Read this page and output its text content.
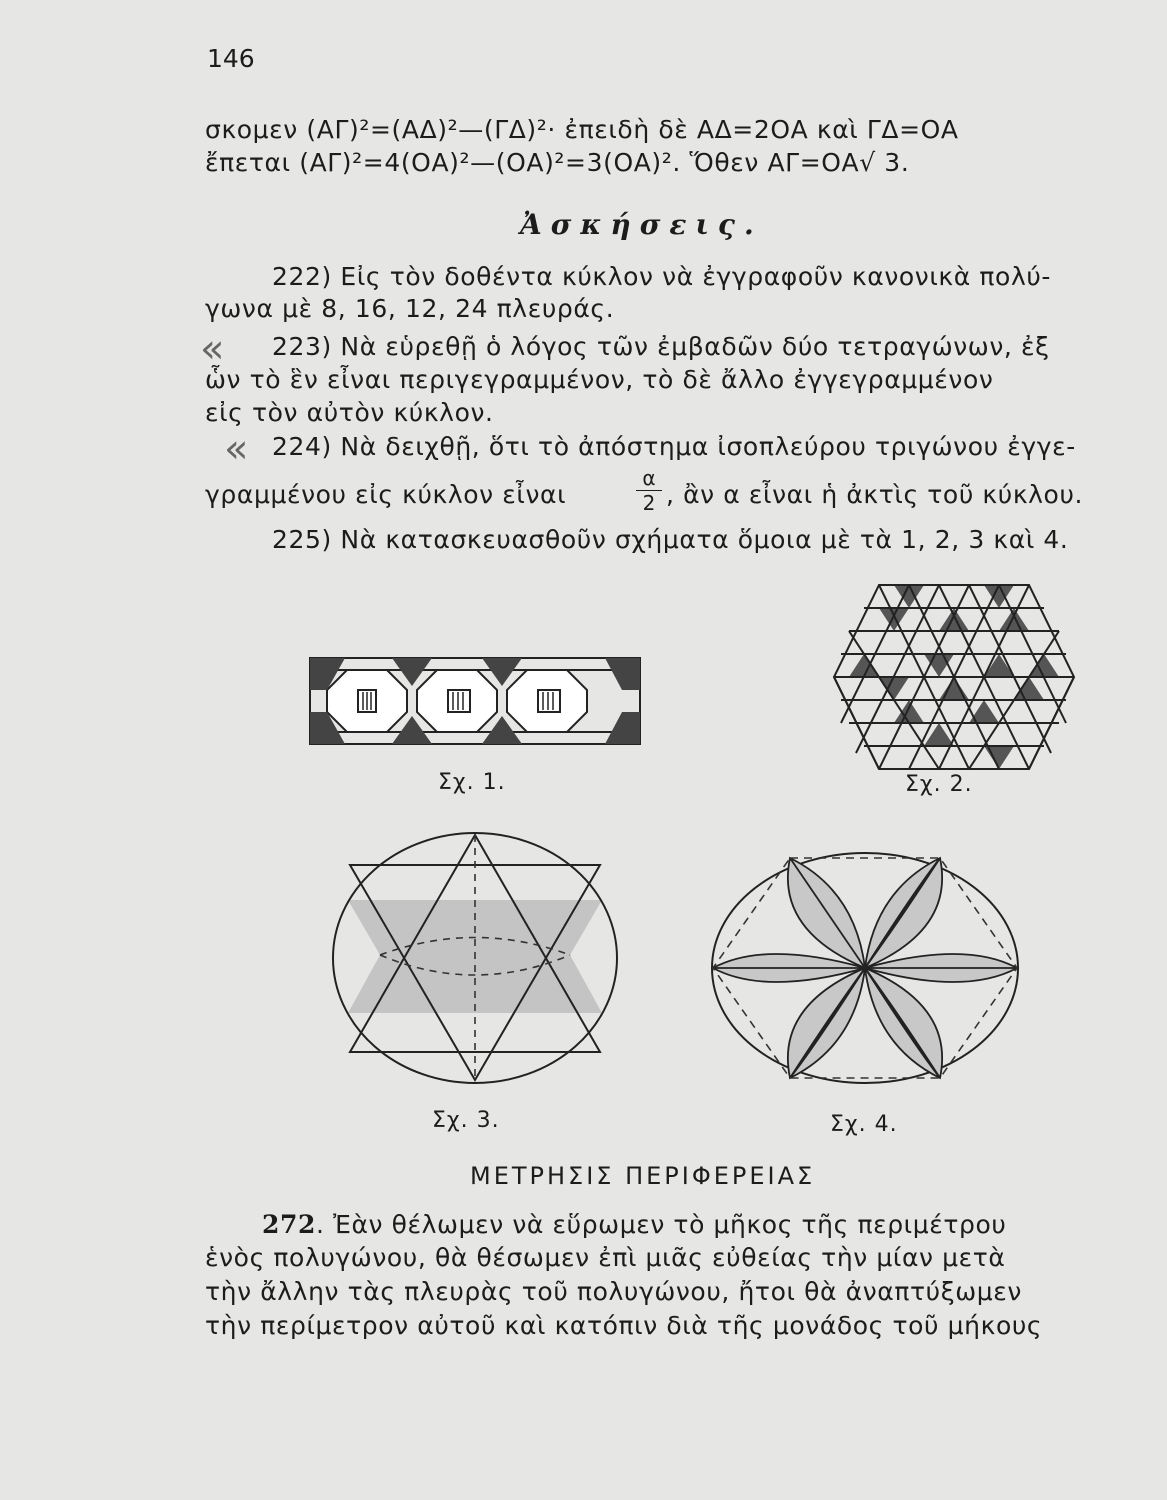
146
σκομεν (ΑΓ)²=(ΑΔ)²—(ΓΔ)²· ἐπειδὴ δὲ ΑΔ=2ΟΑ καὶ ΓΔ=ΟΑ
ἔπεται (ΑΓ)²=4(ΟΑ)²—(ΟΑ)²=3(ΟΑ)². Ὅθεν ΑΓ=ΟΑ√ 3.
Ἀσκήσεις.
222) Εἰς τὸν δοθέντα κύκλον νὰ ἐγγραφοῦν κανονικὰ πολύ-
γωνα μὲ 8, 16, 12, 24 πλευράς.
« 223) Νὰ εὑρεθῇ ὁ λόγος τῶν ἐμβαδῶν δύο τετραγώνων, ἐξ
ὧν τὸ ἓν εἶναι περιγεγραμμένον, τὸ δὲ ἄλλο ἐγγεγραμμένον
εἰς τὸν αὐτὸν κύκλον.
« 224) Νὰ δειχθῇ, ὅτι τὸ ἀπόστημα ἰσοπλεύρου τριγώνου ἐγγε-
γραμμένου εἰς κύκλον εἶναι	$\frac{\alpha}{2}$ , ἂν α εἶναι ἡ ἀκτὶς τοῦ κύκλου.
225) Νὰ κατασκευασθοῦν σχήματα ὅμοια μὲ τὰ 1, 2, 3 καὶ 4.
Σχ. 1.	Σχ. 2.
Σχ. 3.	Σχ. 4.
ΜΕΤΡΗΣΙΣ ΠΕΡΙΦΕΡΕΙΑΣ
272. Ἐὰν θέλωμεν νὰ εὕρωμεν τὸ μῆκος τῆς περιμέτρου
ἑνὸς πολυγώνου, θὰ θέσωμεν ἐπὶ μιᾶς εὐθείας τὴν μίαν μετὰ
τὴν ἄλλην τὰς πλευρὰς τοῦ πολυγώνου, ἤτοι θὰ ἀναπτύξωμεν
τὴν περίμετρον αὐτοῦ καὶ κατόπιν διὰ τῆς μονάδος τοῦ μήκους
